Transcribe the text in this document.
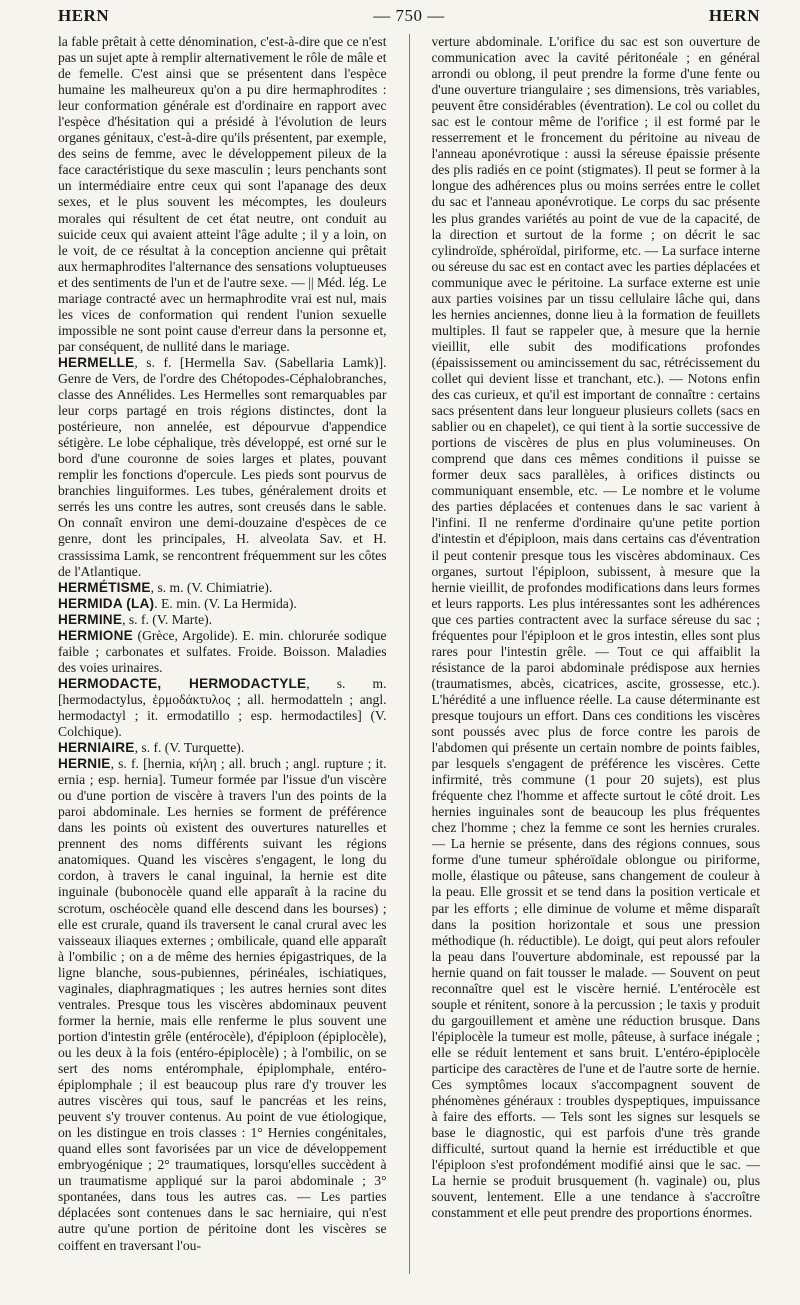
HERN	— 750 —	HERN

la fable prêtait à cette dénomination, c'est-à-dire que ce n'est pas un sujet apte à remplir alternativement le rôle de mâle et de femelle. C'est ainsi que se présentent dans l'espèce humaine les malheureux qu'on a pu dire hermaphrodites : leur conformation générale est d'ordinaire en rapport avec l'espèce d'hésitation qui a présidé à l'évolution de leurs organes génitaux, c'est-à-dire qu'ils présentent, par exemple, des seins de femme, avec le développement pileux de la face caractéristique du sexe masculin ; leurs penchants sont un intermédiaire entre ceux qui sont l'apanage des deux sexes, et le plus souvent les mécomptes, les douleurs morales qui résultent de cet état neutre, ont conduit au suicide ceux qui avaient atteint l'âge adulte ; il y a loin, on le voit, de ce résultat à la conception ancienne qui prêtait aux hermaphrodites l'alternance des sensations voluptueuses et des sentiments de l'un et de l'autre sexe. — || Méd. lég. Le mariage contracté avec un hermaphrodite vrai est nul, mais les vices de conformation qui rendent l'union sexuelle impossible ne sont point cause d'erreur dans la personne et, par conséquent, de nullité dans le mariage.

HERMELLE, s. f. [Hermella Sav. (Sabellaria Lamk)]. Genre de Vers, de l'ordre des Chétopodes-Céphalobranches, classe des Annélides. Les Hermelles sont remarquables par leur corps partagé en trois régions distinctes, dont la postérieure, non annelée, est dépourvue d'appendice sétigère. Le lobe céphalique, très développé, est orné sur le bord d'une couronne de soies larges et plates, pouvant remplir les fonctions d'opercule. Les pieds sont pourvus de branchies linguiformes. Les tubes, généralement droits et serrés les uns contre les autres, sont creusés dans le sable. On connaît environ une demi-douzaine d'espèces de ce genre, dont les principales, H. alveolata Sav. et H. crassissima Lamk, se rencontrent fréquemment sur les côtes de l'Atlantique.

HERMÉTISME, s. m. (V. Chimiatrie).

HERMIDA (LA). E. min. (V. La Hermida).

HERMINE, s. f. (V. Marte).

HERMIONE (Grèce, Argolide). E. min. chlorurée sodique faible ; carbonates et sulfates. Froide. Boisson. Maladies des voies urinaires.

HERMODACTE, HERMODACTYLE, s. m. [hermodactylus, ἑρμοδάκτυλος ; all. hermodatteln ; angl. hermodactyl ; it. ermodatillo ; esp. hermodactiles] (V. Colchique).

HERNIAIRE, s. f. (V. Turquette).

HERNIE, s. f. [hernia, κήλη ; all. bruch ; angl. rupture ; it. ernia ; esp. hernia]. Tumeur formée par l'issue d'un viscère ou d'une portion de viscère à travers l'un des points de la paroi abdominale. Les hernies se forment de préférence dans les points où existent des ouvertures naturelles et prennent des noms différents suivant les régions anatomiques. Quand les viscères s'engagent, le long du cordon, à travers le canal inguinal, la hernie est dite inguinale (bubonocèle quand elle apparaît à la racine du scrotum, oschéocèle quand elle descend dans les bourses) ; elle est crurale, quand ils traversent le canal crural avec les vaisseaux iliaques externes ; ombilicale, quand elle apparaît à l'ombilic ; on a de même des hernies épigastriques, de la ligne blanche, sous-pubiennes, périnéales, ischiatiques, vaginales, diaphragmatiques ; les autres hernies sont dites ventrales. Presque tous les viscères abdominaux peuvent former la hernie, mais elle renferme le plus souvent une portion d'intestin grêle (entérocèle), d'épiploon (épiplocèle), ou les deux à la fois (entéro-épiplocèle) ; à l'ombilic, on se sert des noms entéromphale, épiplomphale, entéro-épiplomphale ; il est beaucoup plus rare d'y trouver les autres viscères qui tous, sauf le pancréas et les reins, peuvent s'y trouver contenus. Au point de vue étiologique, on les distingue en trois classes : 1° Hernies congénitales, quand elles sont favorisées par un vice de développement embryogénique ; 2° traumatiques, lorsqu'elles succèdent à un traumatisme appliqué sur la paroi abdominale ; 3° spontanées, dans tous les autres cas. — Les parties déplacées sont contenues dans le sac herniaire, qui n'est autre qu'une portion de péritoine dont les viscères se coiffent en traversant l'ou-

verture abdominale. L'orifice du sac est son ouverture de communication avec la cavité péritonéale ; en général arrondi ou oblong, il peut prendre la forme d'une fente ou d'une ouverture triangulaire ; ses dimensions, très variables, peuvent être considérables (éventration). Le col ou collet du sac est le contour même de l'orifice ; il est formé par le resserrement et le froncement du péritoine au niveau de l'anneau aponévrotique : aussi la séreuse épaissie présente des plis radiés en ce point (stigmates). Il peut se former à la longue des adhérences plus ou moins serrées entre le collet du sac et l'anneau aponévrotique. Le corps du sac présente les plus grandes variétés au point de vue de la capacité, de la direction et surtout de la forme ; on décrit le sac cylindroïde, sphéroïdal, piriforme, etc. — La surface interne ou séreuse du sac est en contact avec les parties déplacées et communique avec le péritoine. La surface externe est unie aux parties voisines par un tissu cellulaire lâche qui, dans les hernies anciennes, donne lieu à la formation de feuillets multiples. Il faut se rappeler que, à mesure que la hernie vieillit, elle subit des modifications profondes (épaississement ou amincissement du sac, rétrécissement du collet qui devient lisse et tranchant, etc.). — Notons enfin des cas curieux, et qu'il est important de connaître : certains sacs présentent dans leur longueur plusieurs collets (sacs en sablier ou en chapelet), ce qui tient à la sortie successive de portions de viscères de plus en plus volumineuses. On comprend que dans ces mêmes conditions il puisse se former deux sacs parallèles, à orifices distincts ou communiquant ensemble, etc. — Le nombre et le volume des parties déplacées et contenues dans le sac varient à l'infini. Il ne renferme d'ordinaire qu'une petite portion d'intestin et d'épiploon, mais dans certains cas d'éventration il peut contenir presque tous les viscères abdominaux. Ces organes, surtout l'épiploon, subissent, à mesure que la hernie vieillit, de profondes modifications dans leurs formes et leurs rapports. Les plus intéressantes sont les adhérences que ces parties contractent avec la surface séreuse du sac ; fréquentes pour l'épiploon et le gros intestin, elles sont plus rares pour l'intestin grêle. — Tout ce qui affaiblit la résistance de la paroi abdominale prédispose aux hernies (traumatismes, abcès, cicatrices, ascite, grossesse, etc.). L'hérédité a une influence réelle. La cause déterminante est presque toujours un effort. Dans ces conditions les viscères sont poussés avec plus de force contre les parois de l'abdomen qui présente un certain nombre de points faibles, par lesquels s'engagent de préférence les viscères. Cette infirmité, très commune (1 pour 20 sujets), est plus fréquente chez l'homme et affecte surtout le côté droit. Les hernies inguinales sont de beaucoup les plus fréquentes chez l'homme ; chez la femme ce sont les hernies crurales. — La hernie se présente, dans des régions connues, sous forme d'une tumeur sphéroïdale oblongue ou piriforme, molle, élastique ou pâteuse, sans changement de couleur à la peau. Elle grossit et se tend dans la position verticale et par les efforts ; elle diminue de volume et même disparaît dans la position horizontale et sous une pression méthodique (h. réductible). Le doigt, qui peut alors refouler la peau dans l'ouverture abdominale, est repoussé par la hernie quand on fait tousser le malade. — Souvent on peut reconnaître quel est le viscère hernié. L'entérocèle est souple et rénitent, sonore à la percussion ; le taxis y produit du gargouillement et amène une réduction brusque. Dans l'épiplocèle la tumeur est molle, pâteuse, à surface inégale ; elle se réduit lentement et sans bruit. L'entéro-épiplocèle participe des caractères de l'une et de l'autre sorte de hernie. Ces symptômes locaux s'accompagnent souvent de phénomènes généraux : troubles dyspeptiques, impuissance à faire des efforts. — Tels sont les signes sur lesquels se base le diagnostic, qui est parfois d'une très grande difficulté, surtout quand la hernie est irréductible et que l'épiploon s'est profondément modifié ainsi que le sac. — La hernie se produit brusquement (h. vaginale) ou, plus souvent, lentement. Elle a une tendance à s'accroître constamment et elle peut prendre des proportions énormes.
